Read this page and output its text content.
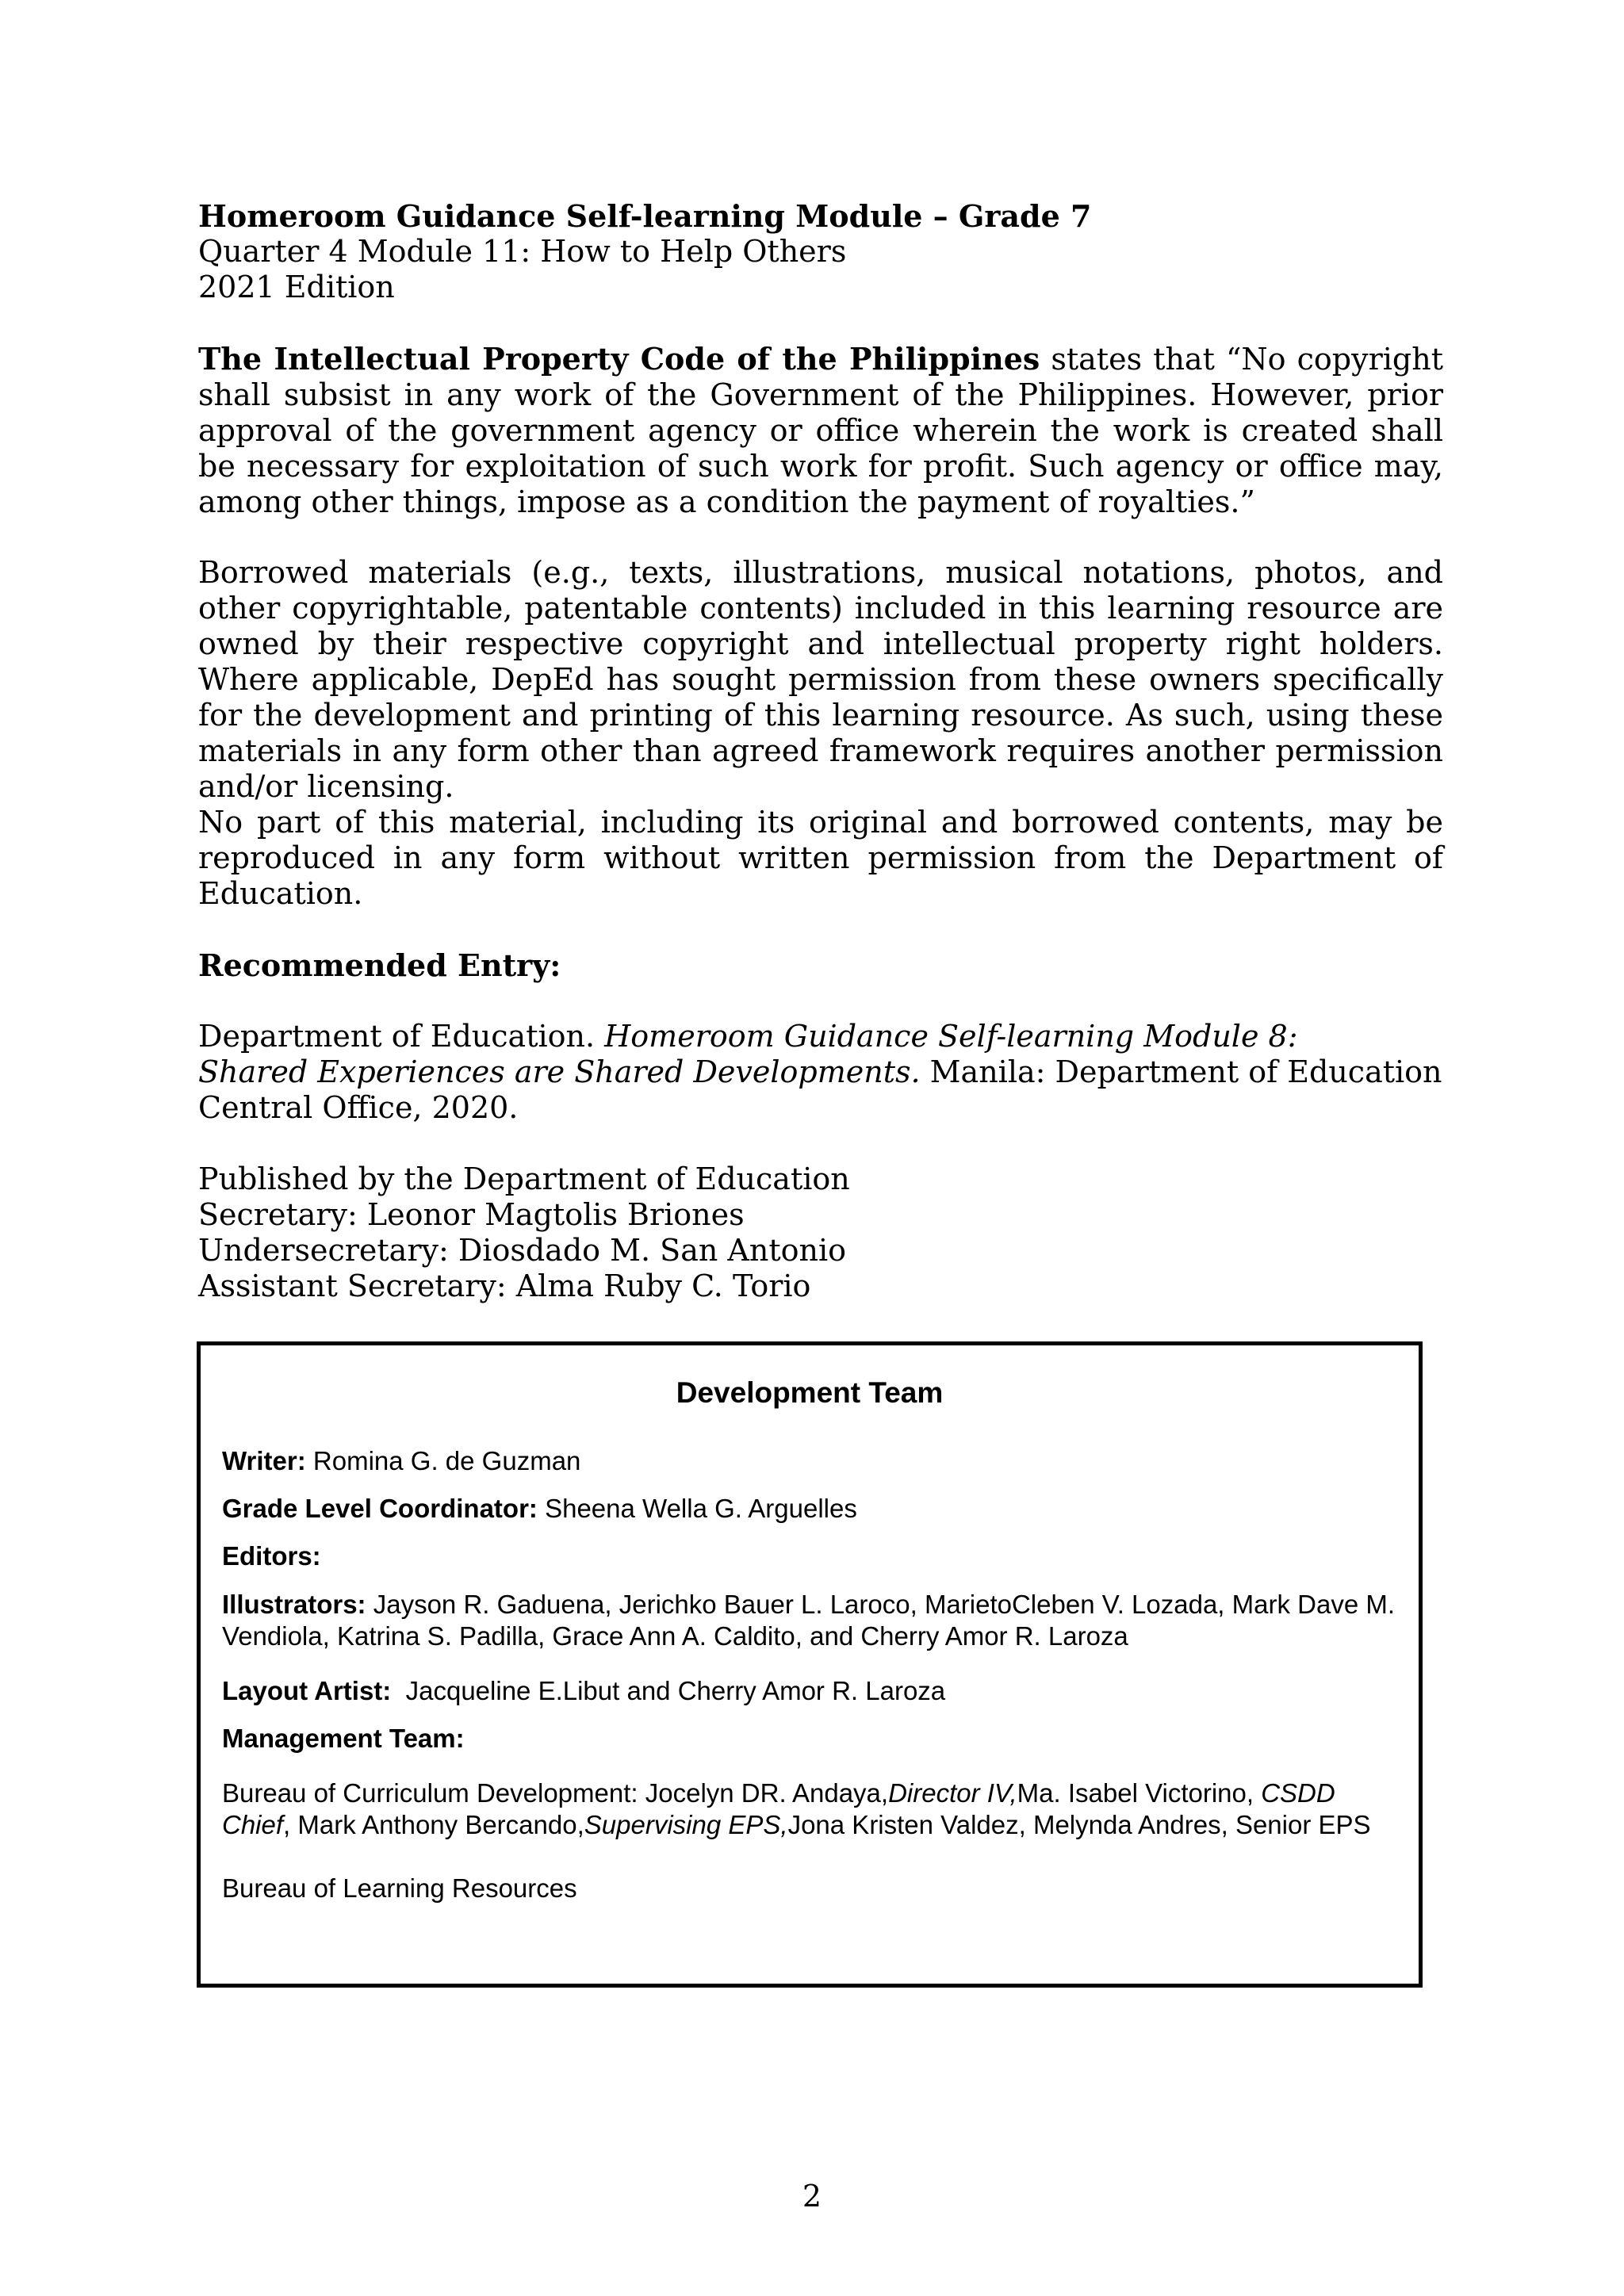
Homeroom Guidance Self-learning Module – Grade 7
Quarter 4 Module 11: How to Help Others
2021 Edition

The Intellectual Property Code of the Philippines states that “No copyright shall subsist in any work of the Government of the Philippines. However, prior approval of the government agency or office wherein the work is created shall be necessary for exploitation of such work for profit. Such agency or office may, among other things, impose as a condition the payment of royalties.”

Borrowed materials (e.g., texts, illustrations, musical notations, photos, and other copyrightable, patentable contents) included in this learning resource are owned by their respective copyright and intellectual property right holders. Where applicable, DepEd has sought permission from these owners specifically for the development and printing of this learning resource. As such, using these materials in any form other than agreed framework requires another permission and/or licensing.

No part of this material, including its original and borrowed contents, may be reproduced in any form without written permission from the Department of Education.

Recommended Entry:
Department of Education. Homeroom Guidance Self-learning Module 8:
Shared Experiences are Shared Developments. Manila: Department of Education
Central Office, 2020.
Published by the Department of Education
Secretary: Leonor Magtolis Briones
Undersecretary: Diosdado M. San Antonio
Assistant Secretary: Alma Ruby C. Torio
Development Team
Writer: Romina G. de Guzman
Grade Level Coordinator: Sheena Wella G. Arguelles
Editors:
Illustrators: Jayson R. Gaduena, Jerichko Bauer L. Laroco, MarietoCleben V. Lozada, Mark Dave M. Vendiola, Katrina S. Padilla, Grace Ann A. Caldito, and Cherry Amor R. Laroza
Layout Artist:  Jacqueline E.Libut and Cherry Amor R. Laroza
Management Team:
Bureau of Curriculum Development: Jocelyn DR. Andaya,Director IV,Ma. Isabel Victorino, CSDD Chief, Mark Anthony Bercando,Supervising EPS,Jona Kristen Valdez, Melynda Andres, Senior EPS
Bureau of Learning Resources
2
